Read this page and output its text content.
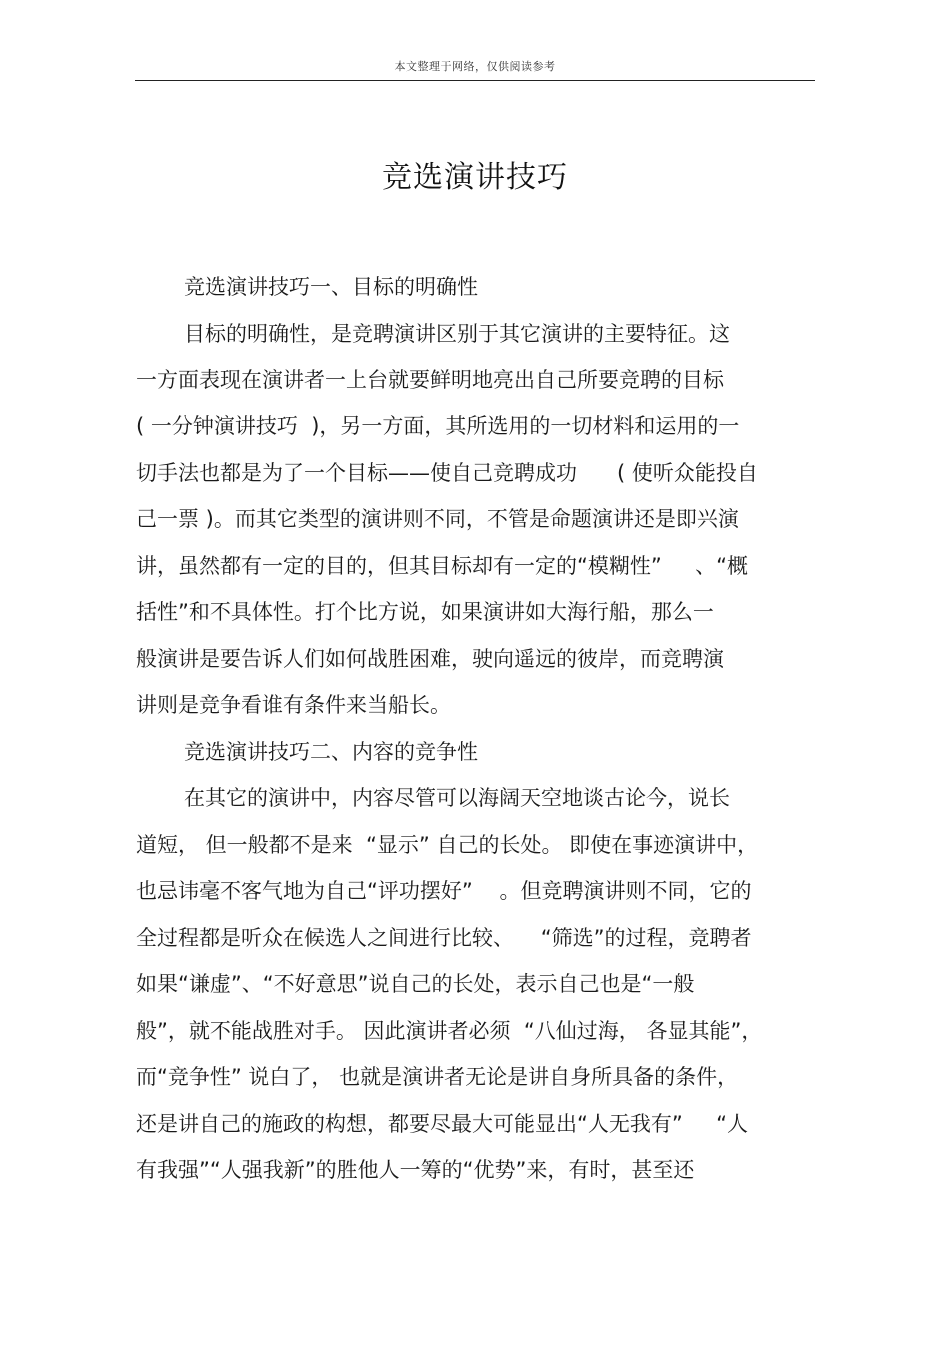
本文整理于网络，仅供阅读参考
竞选演讲技巧
竞选演讲技巧一、目标的明确性
目标的明确性，是竞聘演讲区别于其它演讲的主要特征。这
一方面表现在演讲者一上台就要鲜明地亮出自己所要竞聘的目标
( 一分钟演讲技巧  )，另一方面，其所选用的一切材料和运用的一
切手法也都是为了一个目标——使自己竞聘成功      ( 使听众能投自
己一票 )。而其它类型的演讲则不同，不管是命题演讲还是即兴演
讲，虽然都有一定的目的，但其目标却有一定的“模糊性”     、“概
括性”和不具体性。打个比方说，如果演讲如大海行船，那么一
般演讲是要告诉人们如何战胜困难，驶向遥远的彼岸，而竞聘演
讲则是竞争看谁有条件来当船长。
竞选演讲技巧二、内容的竞争性
在其它的演讲中，内容尽管可以海阔天空地谈古论今，说长
道短， 但一般都不是来  “显示” 自己的长处。 即使在事迹演讲中，
也忌讳毫不客气地为自己“评功摆好”    。但竞聘演讲则不同，它的
全过程都是听众在候选人之间进行比较、    “筛选”的过程，竞聘者
如果“谦虚”、“不好意思”说自己的长处，表示自己也是“一般
般”，就不能战胜对手。 因此演讲者必须  “八仙过海， 各显其能”，
而“竞争性” 说白了， 也就是演讲者无论是讲自身所具备的条件，
还是讲自己的施政的构想，都要尽最大可能显出“人无我有”     “人
有我强”“人强我新”的胜他人一筹的“优势”来，有时，甚至还
